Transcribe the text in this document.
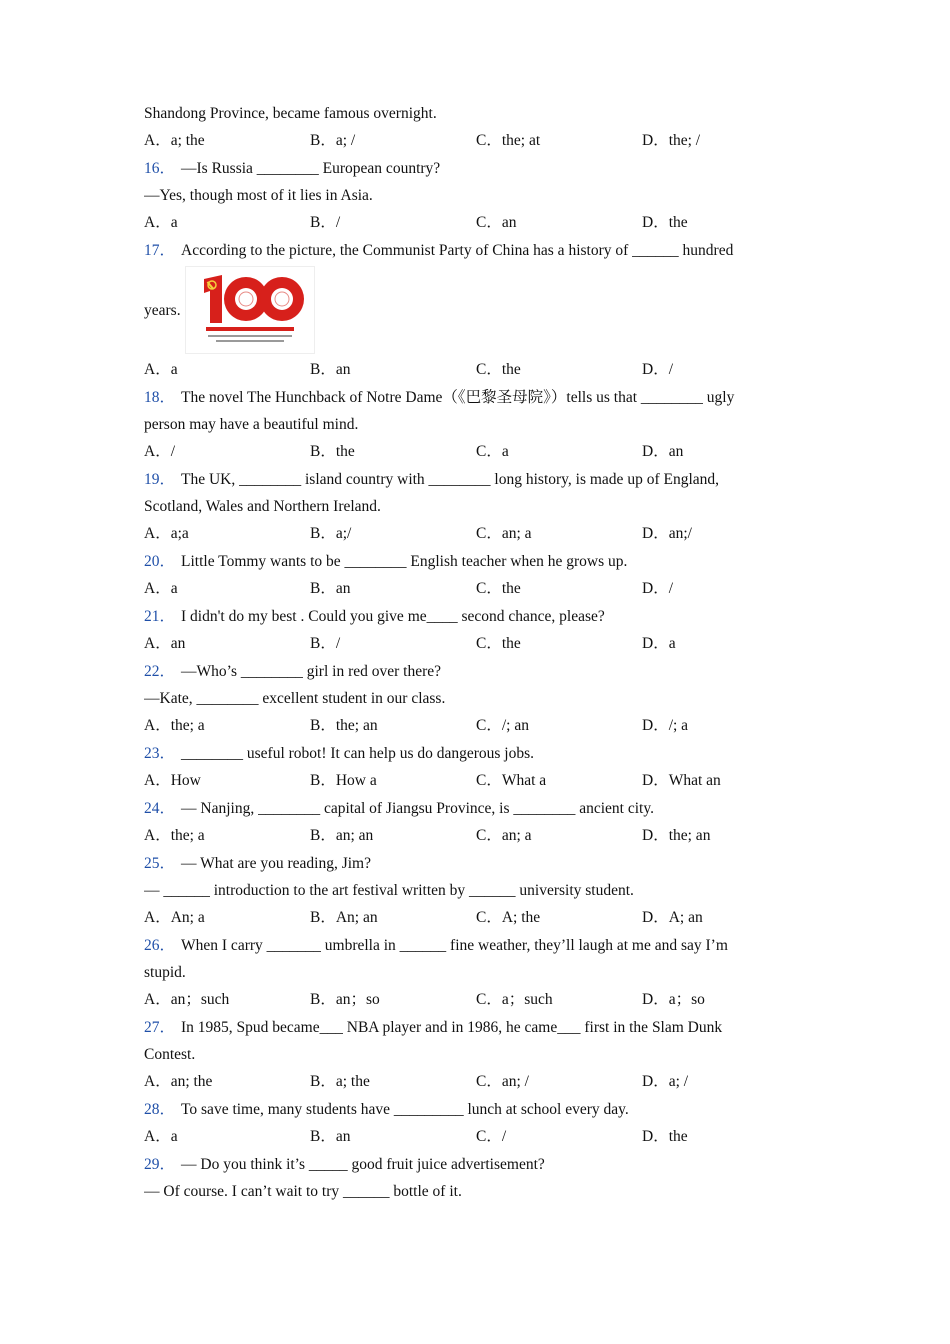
Shandong Province, became famous overnight.
A．a; the	B．a; /	C．the; at	D．the; /
16． —Is Russia ________ European country?
—Yes, though most of it lies in Asia.
A．a	B．/	C．an	D．the
17． According to the picture, the Communist Party of China has a history of ______ hundred
years.
A．a	B．an	C．the	D．/
18． The novel The Hunchback of Notre Dame（《巴黎圣母院》）tells us that ________ ugly
person may have a beautiful mind.
A．/	B．the	C．a	D．an
19． The UK, ________ island country with ________ long history, is made up of England,
Scotland, Wales and Northern Ireland.
A．a;a	B．a;/	C．an; a	D．an;/
20． Little Tommy wants to be ________ English teacher when he grows up.
A．a	B．an	C．the	D．/
21． I didn't do my best . Could you give me____ second chance, please?
A．an	B．/	C．the	D．a
22． —Who’s ________ girl in red over there?
—Kate, ________ excellent student in our class.
A．the; a	B．the; an	C．/; an	D．/; a
23． ________ useful robot! It can help us do dangerous jobs.
A．How	B．How a	C．What a	D．What an
24． — Nanjing, ________ capital of Jiangsu Province, is ________ ancient city.
A．the; a	B．an; an	C．an; a	D．the; an
25． — What are you reading, Jim?
— ______ introduction to the art festival written by ______ university student.
A．An; a	B．An; an	C．A; the	D．A; an
26． When I carry _______ umbrella in ______ fine weather, they’ll laugh at me and say I’m
stupid.
A．an；such	B．an；so	C．a；such	D．a；so
27． In 1985, Spud became___ NBA player and in 1986, he came___ first in the Slam Dunk
Contest.
A．an; the	B．a; the	C．an; /	D．a; /
28． To save time, many students have _________ lunch at school every day.
A．a	B．an	C．/	D．the
29． — Do you think it’s _____ good fruit juice advertisement?
— Of course. I can’t wait to try ______ bottle of it.
